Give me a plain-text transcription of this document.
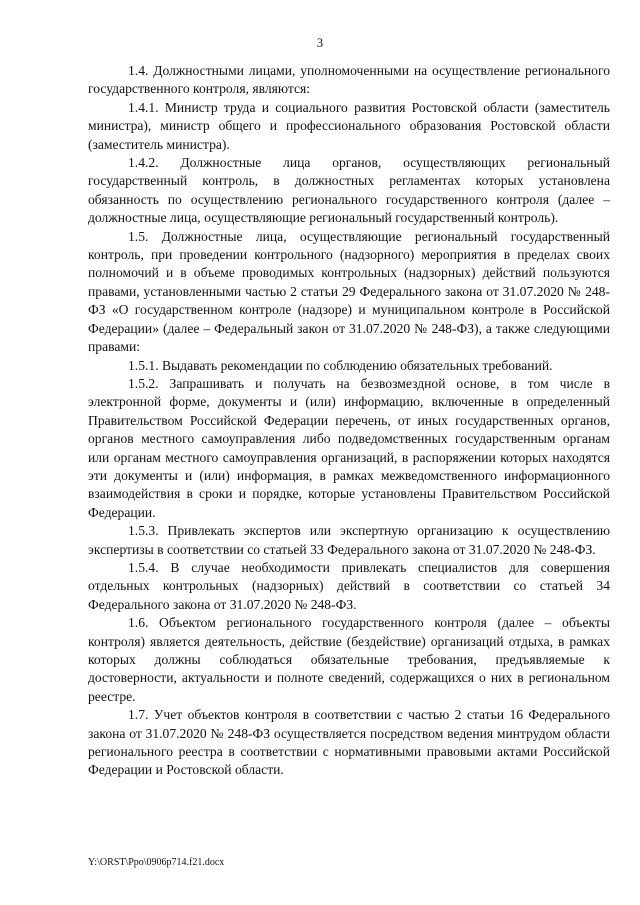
3

1.4. Должностными лицами, уполномоченными на осуществление регионального государственного контроля, являются:

1.4.1. Министр труда и социального развития Ростовской области (заместитель министра), министр общего и профессионального образования Ростовской области (заместитель министра).

1.4.2. Должностные лица органов, осуществляющих региональный государственный контроль, в должностных регламентах которых установлена обязанность по осуществлению регионального государственного контроля (далее – должностные лица, осуществляющие региональный государственный контроль).

1.5. Должностные лица, осуществляющие региональный государственный контроль, при проведении контрольного (надзорного) мероприятия в пределах своих полномочий и в объеме проводимых контрольных (надзорных) действий пользуются правами, установленными частью 2 статьи 29 Федерального закона от 31.07.2020 № 248-ФЗ «О государственном контроле (надзоре) и муниципальном контроле в Российской Федерации» (далее – Федеральный закон от 31.07.2020 № 248-ФЗ), а также следующими правами:

1.5.1. Выдавать рекомендации по соблюдению обязательных требований.

1.5.2. Запрашивать и получать на безвозмездной основе, в том числе в электронной форме, документы и (или) информацию, включенные в определенный Правительством Российской Федерации перечень, от иных государственных органов, органов местного самоуправления либо подведомственных государственным органам или органам местного самоуправления организаций, в распоряжении которых находятся эти документы и (или) информация, в рамках межведомственного информационного взаимодействия в сроки и порядке, которые установлены Правительством Российской Федерации.

1.5.3. Привлекать экспертов или экспертную организацию к осуществлению экспертизы в соответствии со статьей 33 Федерального закона от 31.07.2020 № 248-ФЗ.

1.5.4. В случае необходимости привлекать специалистов для совершения отдельных контрольных (надзорных) действий в соответствии со статьей 34 Федерального закона от 31.07.2020 № 248-ФЗ.

1.6. Объектом регионального государственного контроля (далее – объекты контроля) является деятельность, действие (бездействие) организаций отдыха, в рамках которых должны соблюдаться обязательные требования, предъявляемые к достоверности, актуальности и полноте сведений, содержащихся о них в региональном реестре.

1.7. Учет объектов контроля в соответствии с частью 2 статьи 16 Федерального закона от 31.07.2020 № 248-ФЗ осуществляется посредством ведения минтрудом области регионального реестра в соответствии с нормативными правовыми актами Российской Федерации и Ростовской области.

Y:\ORST\Ppo\0906p714.f21.docx
